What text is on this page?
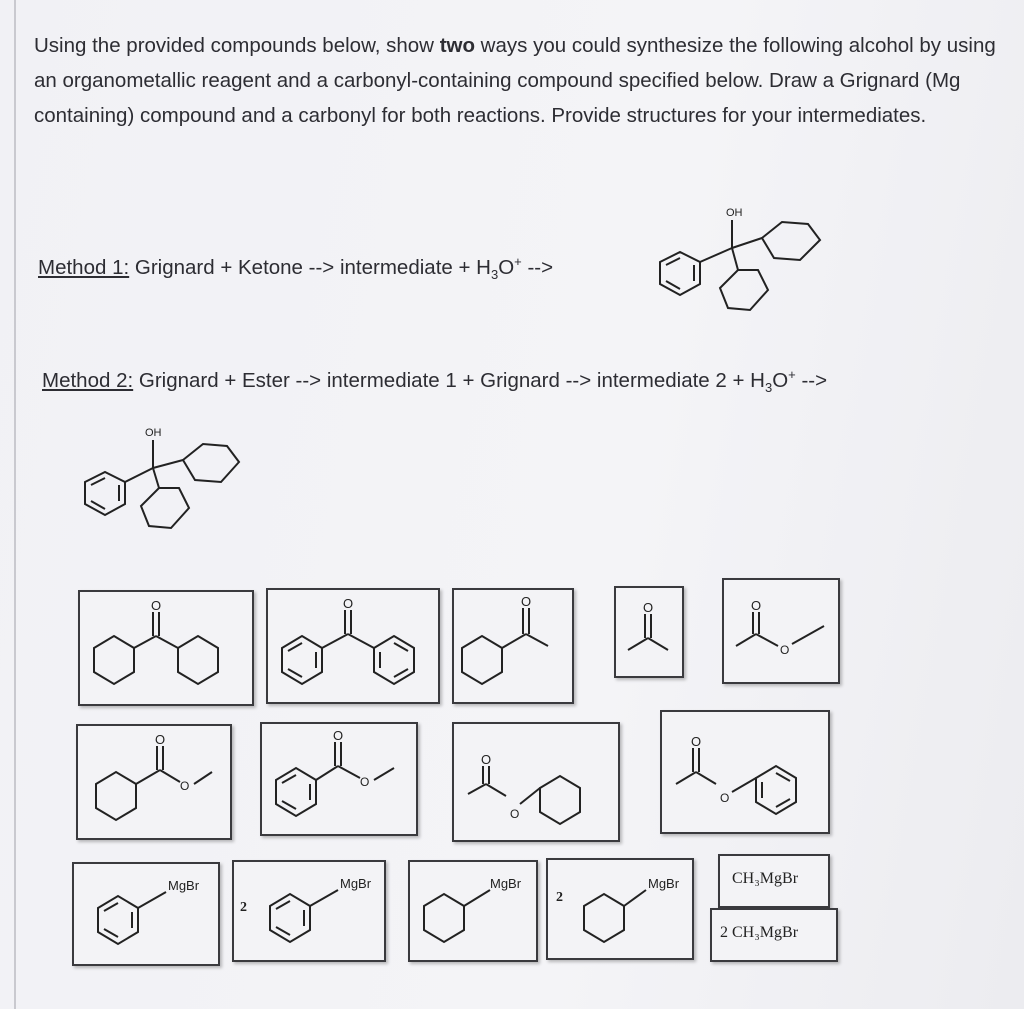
Using the provided compounds below, show two ways you could synthesize the following alcohol by using an organometallic reagent and a carbonyl-containing compound specified below. Draw a Grignard (Mg containing) compound and a carbonyl for both reactions. Provide structures for your intermediates.
Method 1: Grignard + Ketone --> intermediate + $H_3O^+$ -->
Method 2: Grignard + Ester --> intermediate 1 + Grignard --> intermediate $2 + H_3O^+$ -->
OH
OH
O	O	O	O	O
O
O
O
O
O
O
O
O
O
MgBr
2
MgBr	MgBr
2
MgBr	CH₃MgBr
2 CH₃MgBr
